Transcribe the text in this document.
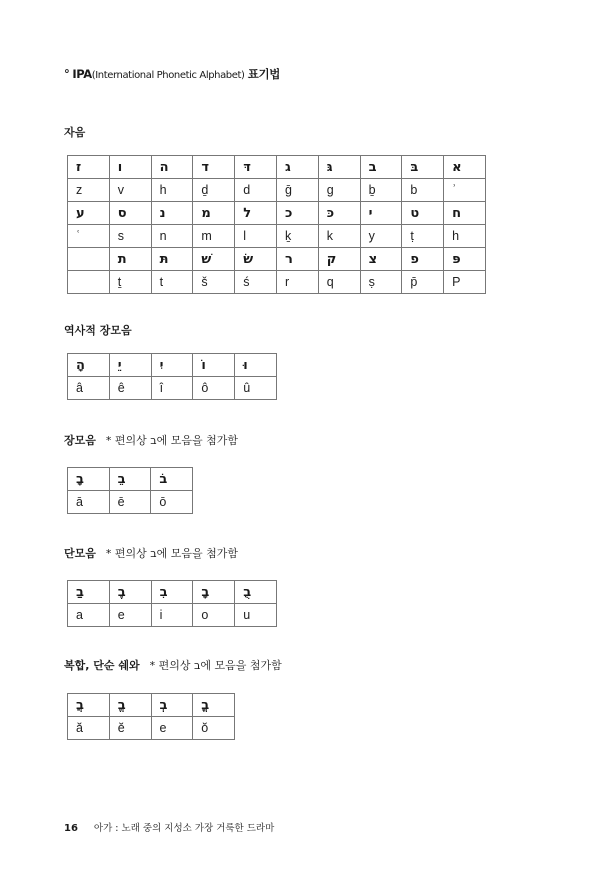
° IPA(International Phonetic Alphabet) 표기법
자음
ז	ו	ה	ד	דּ	ג	גּ	ב	בּ	א
z	v	h	ḏ	d	ḡ	g	ḇ	b	ʾ
ע	ס	נ	מ	ל	כ	כּ	י	ט	ח
ʿ	s	n	m	l	ḵ	k	y	ṭ	h
	ת	תּ	שׁ	שׂ	ר	ק	צ	פ	פּ
	ṯ	t	š	ś	r	q	ṣ	p̄	P
역사적 장모음
הָ	יֵ	יִ	וֹ	וּ
â	ê	î	ô	û
장모음 * 편의상 ב에 모음을 첨가함
בָ	בֵ	בֹ
ā	ē	ō
단모음 * 편의상 ב에 모음을 첨가함
בַ	בֶ	בִ	בָ	בֻ
a	e	i	o	u
복합, 단순 쉐와 * 편의상 ב에 모음을 첨가함
בֲ	בֱ	בְ	בֳ
ă	ĕ	e	ŏ
16 아가 : 노래 중의 지성소 가장 거룩한 드라마
